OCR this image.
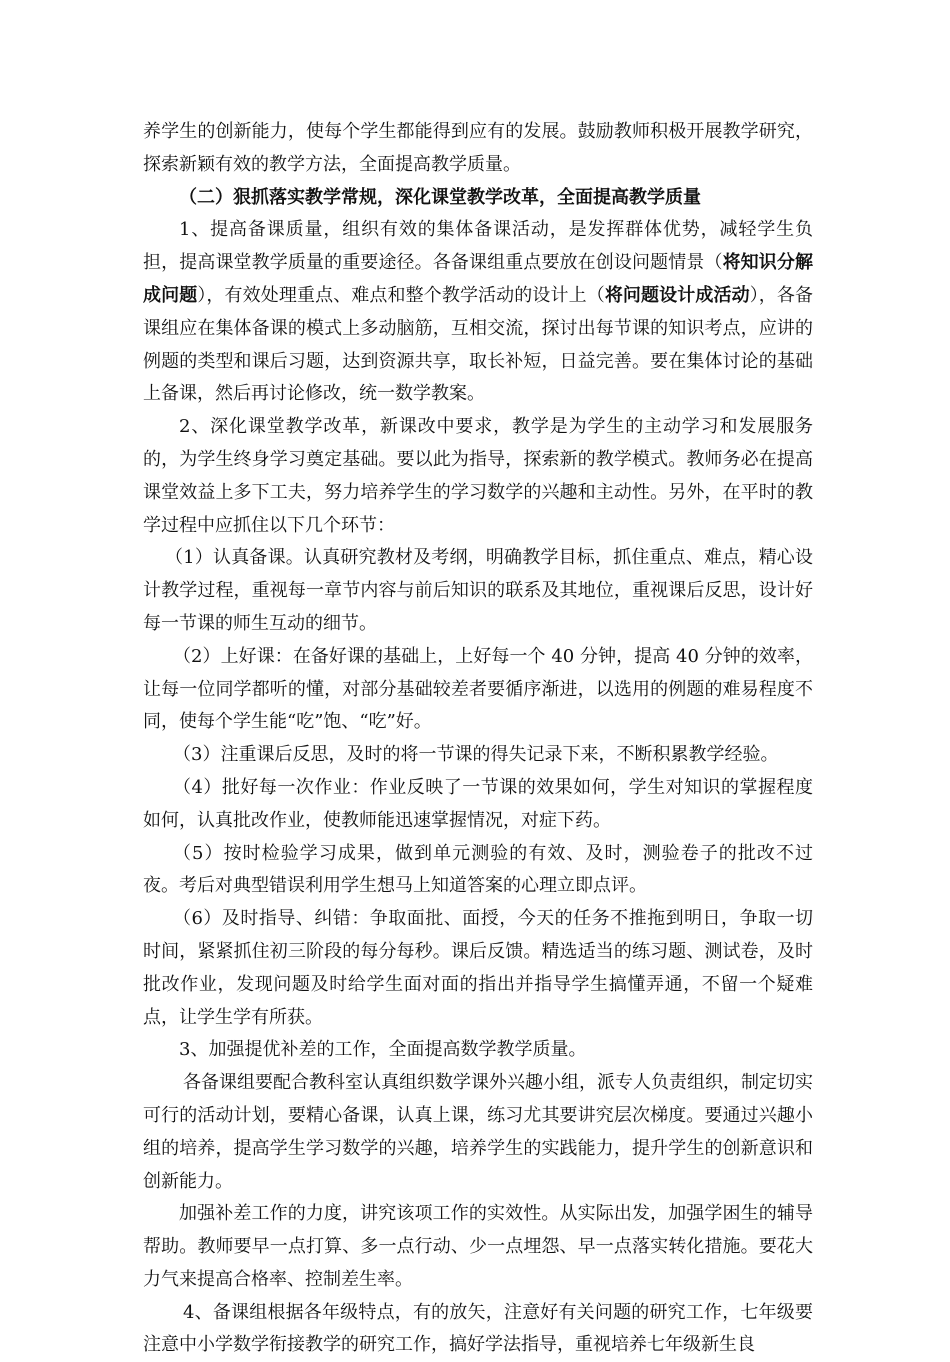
养学生的创新能力，使每个学生都能得到应有的发展。鼓励教师积极开展教学研究，探索新颖有效的教学方法，全面提高教学质量。

（二）狠抓落实教学常规，深化课堂教学改革，全面提高教学质量

1、提高备课质量，组织有效的集体备课活动，是发挥群体优势，减轻学生负担，提高课堂教学质量的重要途径。各备课组重点要放在创设问题情景（将知识分解成问题），有效处理重点、难点和整个教学活动的设计上（将问题设计成活动），各备课组应在集体备课的模式上多动脑筋，互相交流，探讨出每节课的知识考点，应讲的例题的类型和课后习题，达到资源共享，取长补短，日益完善。要在集体讨论的基础上备课，然后再讨论修改，统一数学教案。

2、深化课堂教学改革，新课改中要求，教学是为学生的主动学习和发展服务的，为学生终身学习奠定基础。要以此为指导，探索新的教学模式。教师务必在提高课堂效益上多下工夫，努力培养学生的学习数学的兴趣和主动性。另外，在平时的教学过程中应抓住以下几个环节：

（1）认真备课。认真研究教材及考纲，明确教学目标，抓住重点、难点，精心设计教学过程，重视每一章节内容与前后知识的联系及其地位，重视课后反思，设计好每一节课的师生互动的细节。

（2）上好课：在备好课的基础上，上好每一个 40 分钟，提高 40 分钟的效率，让每一位同学都听的懂，对部分基础较差者要循序渐进，以选用的例题的难易程度不同，使每个学生能“吃”饱、“吃”好。

（3）注重课后反思，及时的将一节课的得失记录下来，不断积累教学经验。

（4）批好每一次作业：作业反映了一节课的效果如何，学生对知识的掌握程度如何，认真批改作业，使教师能迅速掌握情况，对症下药。

（5）按时检验学习成果，做到单元测验的有效、及时，测验卷子的批改不过夜。考后对典型错误利用学生想马上知道答案的心理立即点评。

（6）及时指导、纠错：争取面批、面授，今天的任务不推拖到明日，争取一切时间，紧紧抓住初三阶段的每分每秒。课后反馈。精选适当的练习题、测试卷，及时批改作业，发现问题及时给学生面对面的指出并指导学生搞懂弄通，不留一个疑难点，让学生学有所获。

3、加强提优补差的工作，全面提高数学教学质量。

各备课组要配合教科室认真组织数学课外兴趣小组，派专人负责组织，制定切实可行的活动计划，要精心备课，认真上课，练习尤其要讲究层次梯度。要通过兴趣小组的培养，提高学生学习数学的兴趣，培养学生的实践能力，提升学生的创新意识和创新能力。

加强补差工作的力度，讲究该项工作的实效性。从实际出发，加强学困生的辅导帮助。教师要早一点打算、多一点行动、少一点埋怨、早一点落实转化措施。要花大力气来提高合格率、控制差生率。

4、备课组根据各年级特点，有的放矢，注意好有关问题的研究工作，七年级要注意中小学数学衔接教学的研究工作，搞好学法指导，重视培养七年级新生良
